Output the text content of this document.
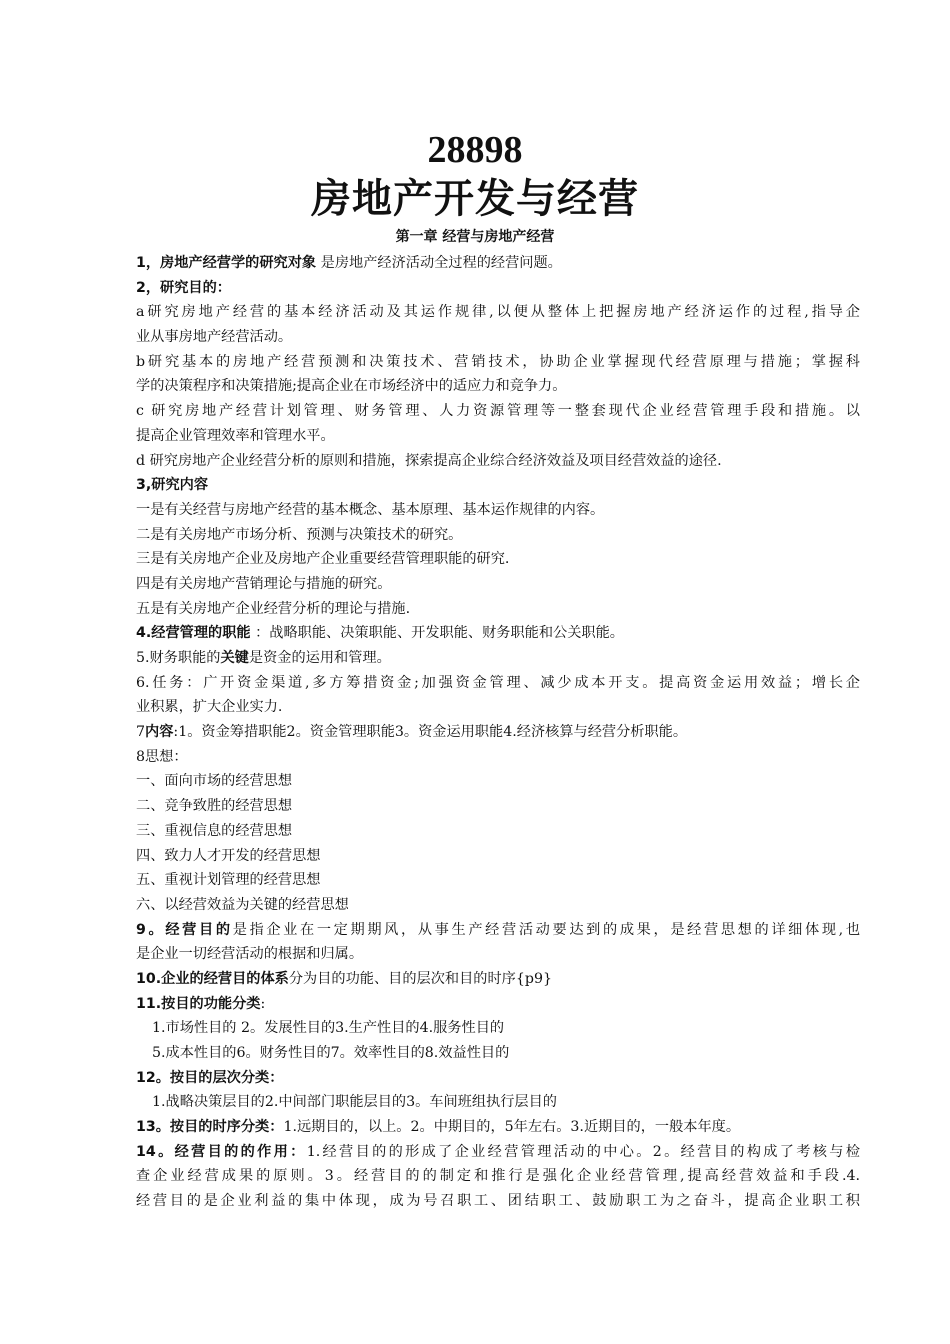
28898
房地产开发与经营
第一章 经营与房地产经营
1，房地产经营学的研究对象 是房地产经济活动全过程的经营问题。
2，研究目的：
a研究房地产经营的基本经济活动及其运作规律,以便从整体上把握房地产经济运作的过程,指导企
业从事房地产经营活动。
b研究基本的房地产经营预测和决策技术、营销技术，协助企业掌握现代经营原理与措施；掌握科
学的决策程序和决策措施;提高企业在市场经济中的适应力和竞争力。
c 研究房地产经营计划管理、财务管理、人力资源管理等一整套现代企业经营管理手段和措施。以
提高企业管理效率和管理水平。
d 研究房地产企业经营分析的原则和措施，探索提高企业综合经济效益及项目经营效益的途径.
3,研究内容
一是有关经营与房地产经营的基本概念、基本原理、基本运作规律的内容。
二是有关房地产市场分析、预测与决策技术的研究。
三是有关房地产企业及房地产企业重要经营管理职能的研究.
四是有关房地产营销理论与措施的研究。
五是有关房地产企业经营分析的理论与措施.
4.经营管理的职能 ：战略职能、决策职能、开发职能、财务职能和公关职能。
5.财务职能的关键是资金的运用和管理。
6.任务：广开资金渠道,多方筹措资金;加强资金管理、减少成本开支。提高资金运用效益；增长企
业积累，扩大企业实力.
7内容:1。资金筹措职能2。资金管理职能3。资金运用职能4.经济核算与经营分析职能。
8思想：
一、面向市场的经营思想
二、竞争致胜的经营思想
三、重视信息的经营思想
四、致力人才开发的经营思想
五、重视计划管理的经营思想
六、以经营效益为关键的经营思想
9。经营目的是指企业在一定期期风，从事生产经营活动要达到的成果，是经营思想的详细体现,也
是企业一切经营活动的根据和归属。
10.企业的经营目的体系分为目的功能、目的层次和目的时序{p9}
11.按目的功能分类:
1.市场性目的 2。发展性目的3.生产性目的4.服务性目的
5.成本性目的6。财务性目的7。效率性目的8.效益性目的
12。按目的层次分类：
1.战略决策层目的2.中间部门职能层目的3。车间班组执行层目的
13。按目的时序分类：1.远期目的，以上。2。中期目的，5年左右。3.近期目的，一般本年度。
14。经营目的的作用：1.经营目的的形成了企业经营管理活动的中心。2。经营目的构成了考核与检
查企业经营成果的原则。3。经营目的的制定和推行是强化企业经营管理,提高经营效益和手段.4.
经营目的是企业利益的集中体现，成为号召职工、团结职工、鼓励职工为之奋斗，提高企业职工积
